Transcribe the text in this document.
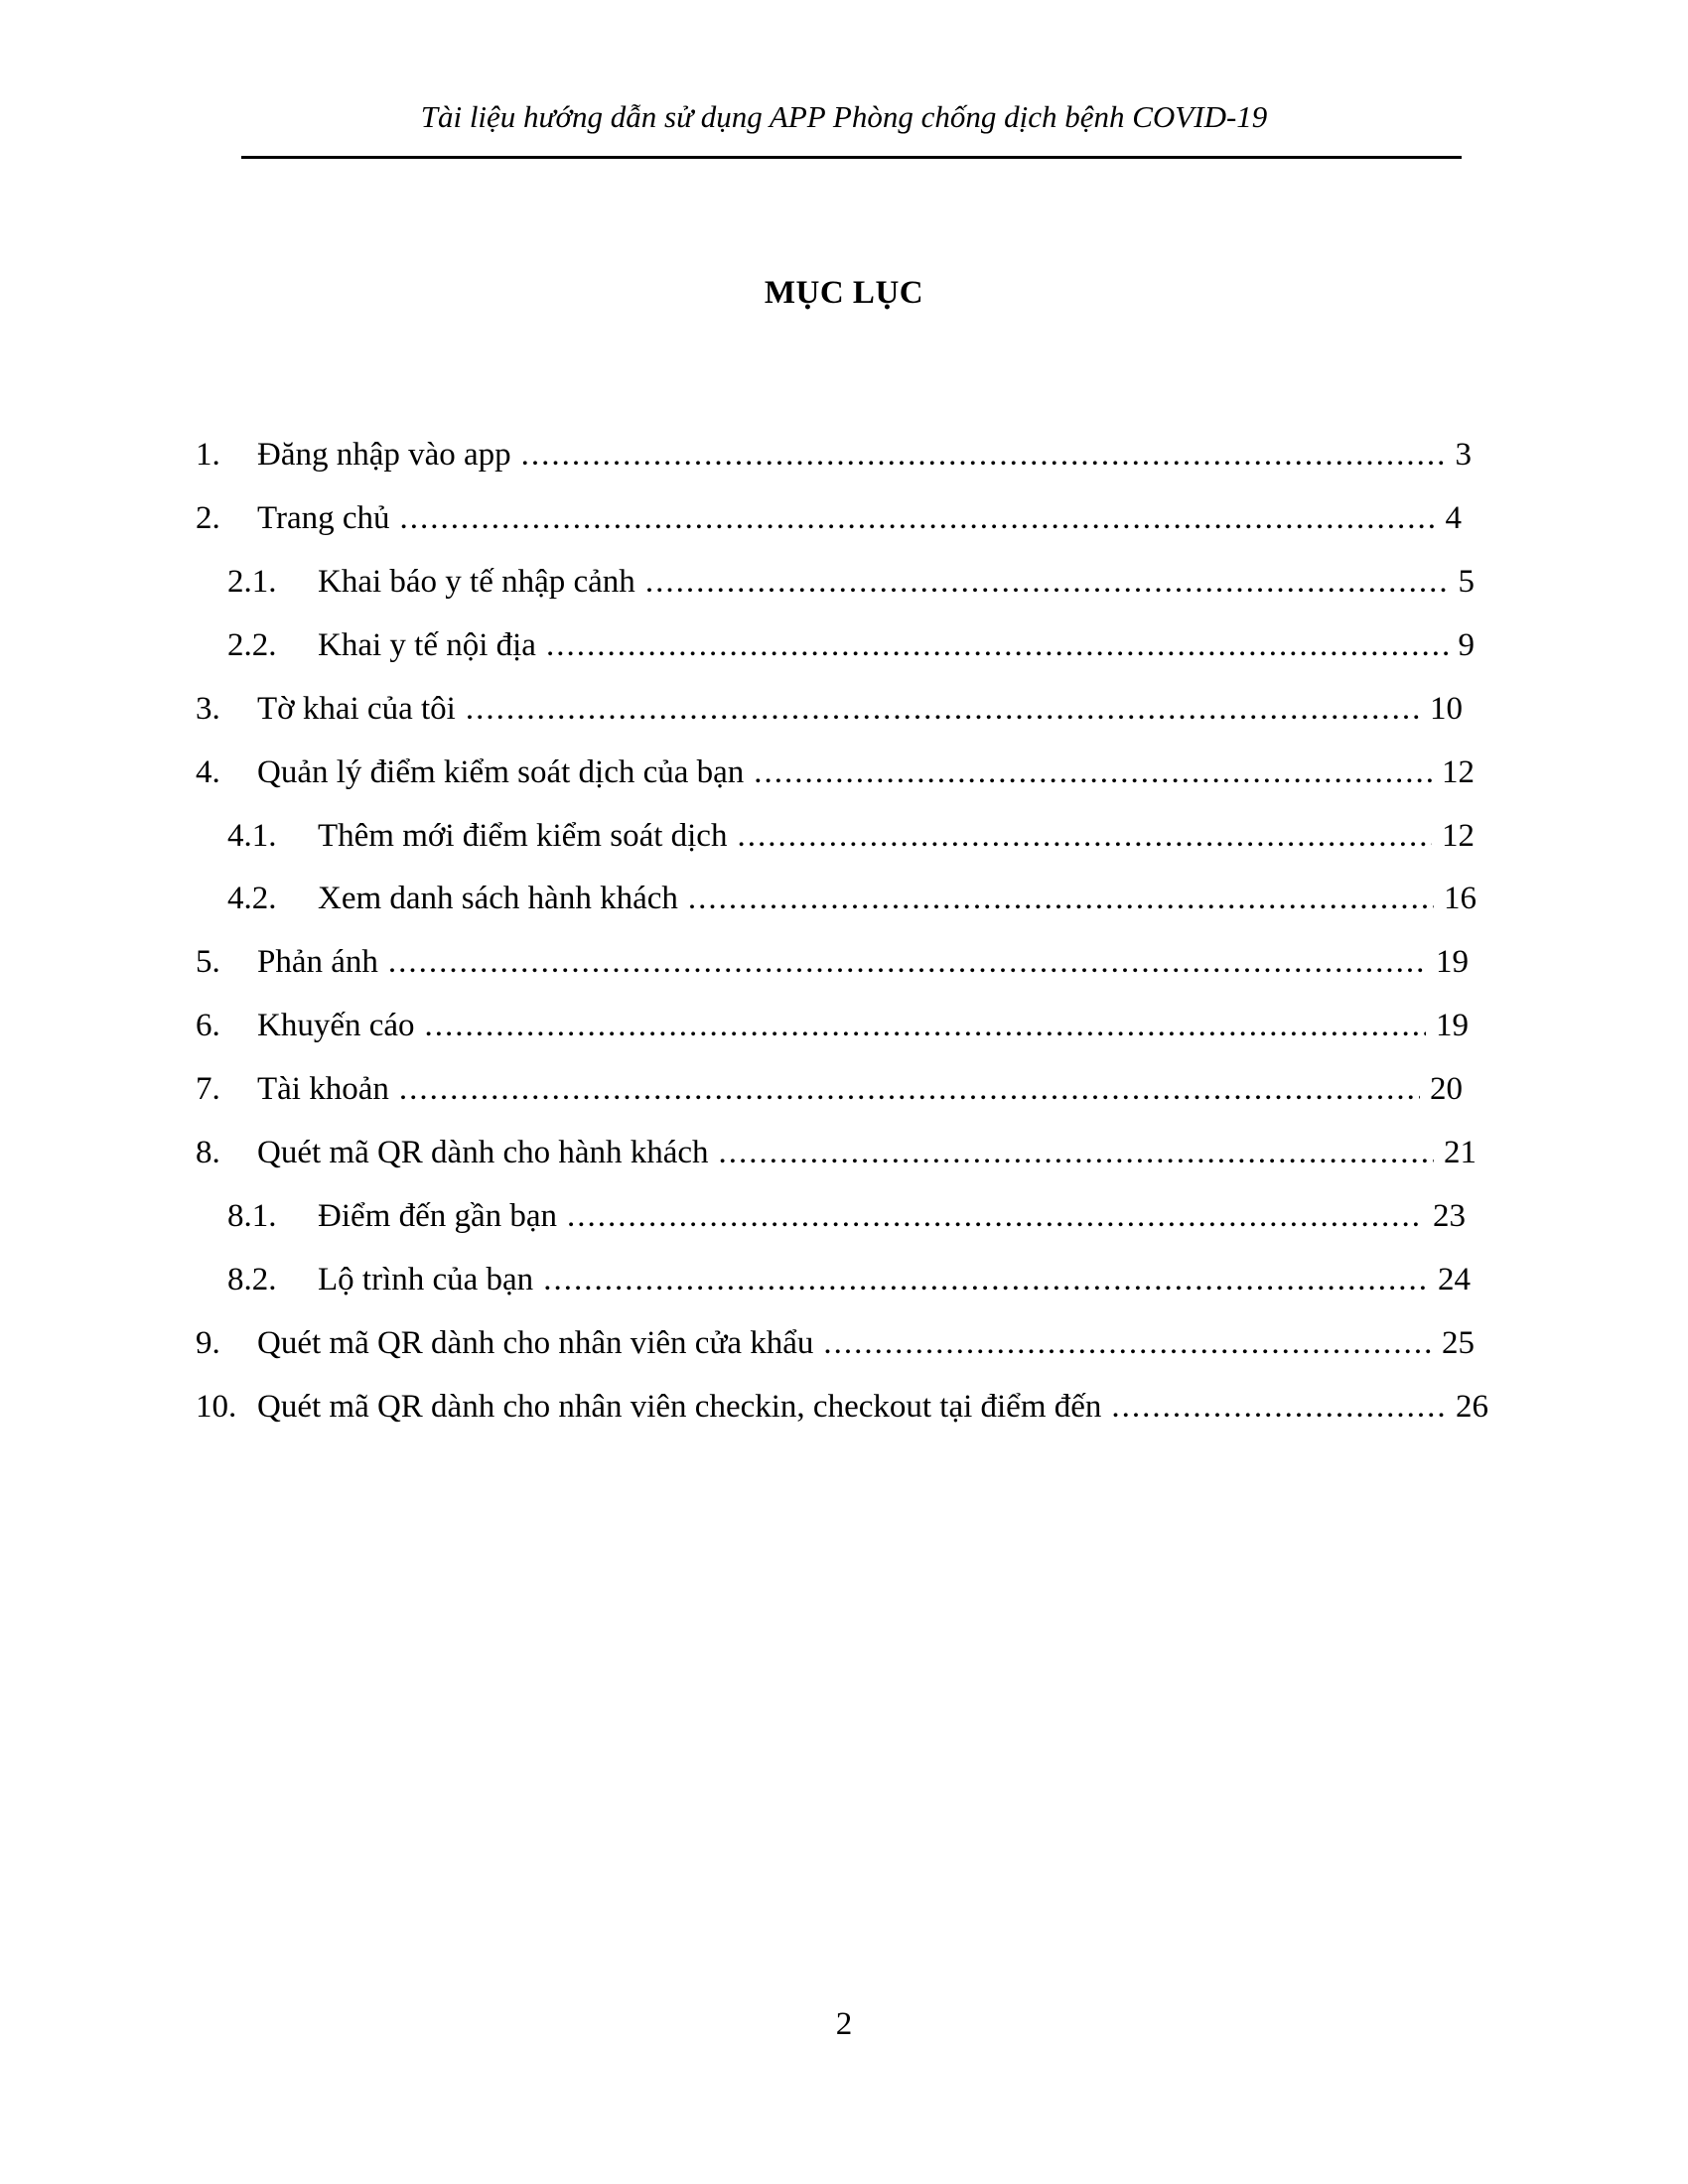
Tài liệu hướng dẫn sử dụng APP Phòng chống dịch bệnh COVID-19
MỤC LỤC
1.	Đăng nhập vào app .....	3
2.	Trang chủ .....	4
2.1.	Khai báo y tế nhập cảnh .....	5
2.2.	Khai y tế nội địa .....	9
3.	Tờ khai của tôi .....	10
4.	Quản lý điểm kiểm soát dịch của bạn .....	12
4.1.	Thêm mới điểm kiểm soát dịch .....	12
4.2.	Xem danh sách hành khách .....	16
5.	Phản ánh .....	19
6.	Khuyến cáo .....	19
7.	Tài khoản .....	20
8.	Quét mã QR dành cho hành khách .....	21
8.1.	Điểm đến gần bạn .....	23
8.2.	Lộ trình của bạn .....	24
9.	Quét mã QR dành cho nhân viên cửa khẩu .....	25
10. Quét mã QR dành cho nhân viên checkin, checkout tại điểm đến .....	26
2
